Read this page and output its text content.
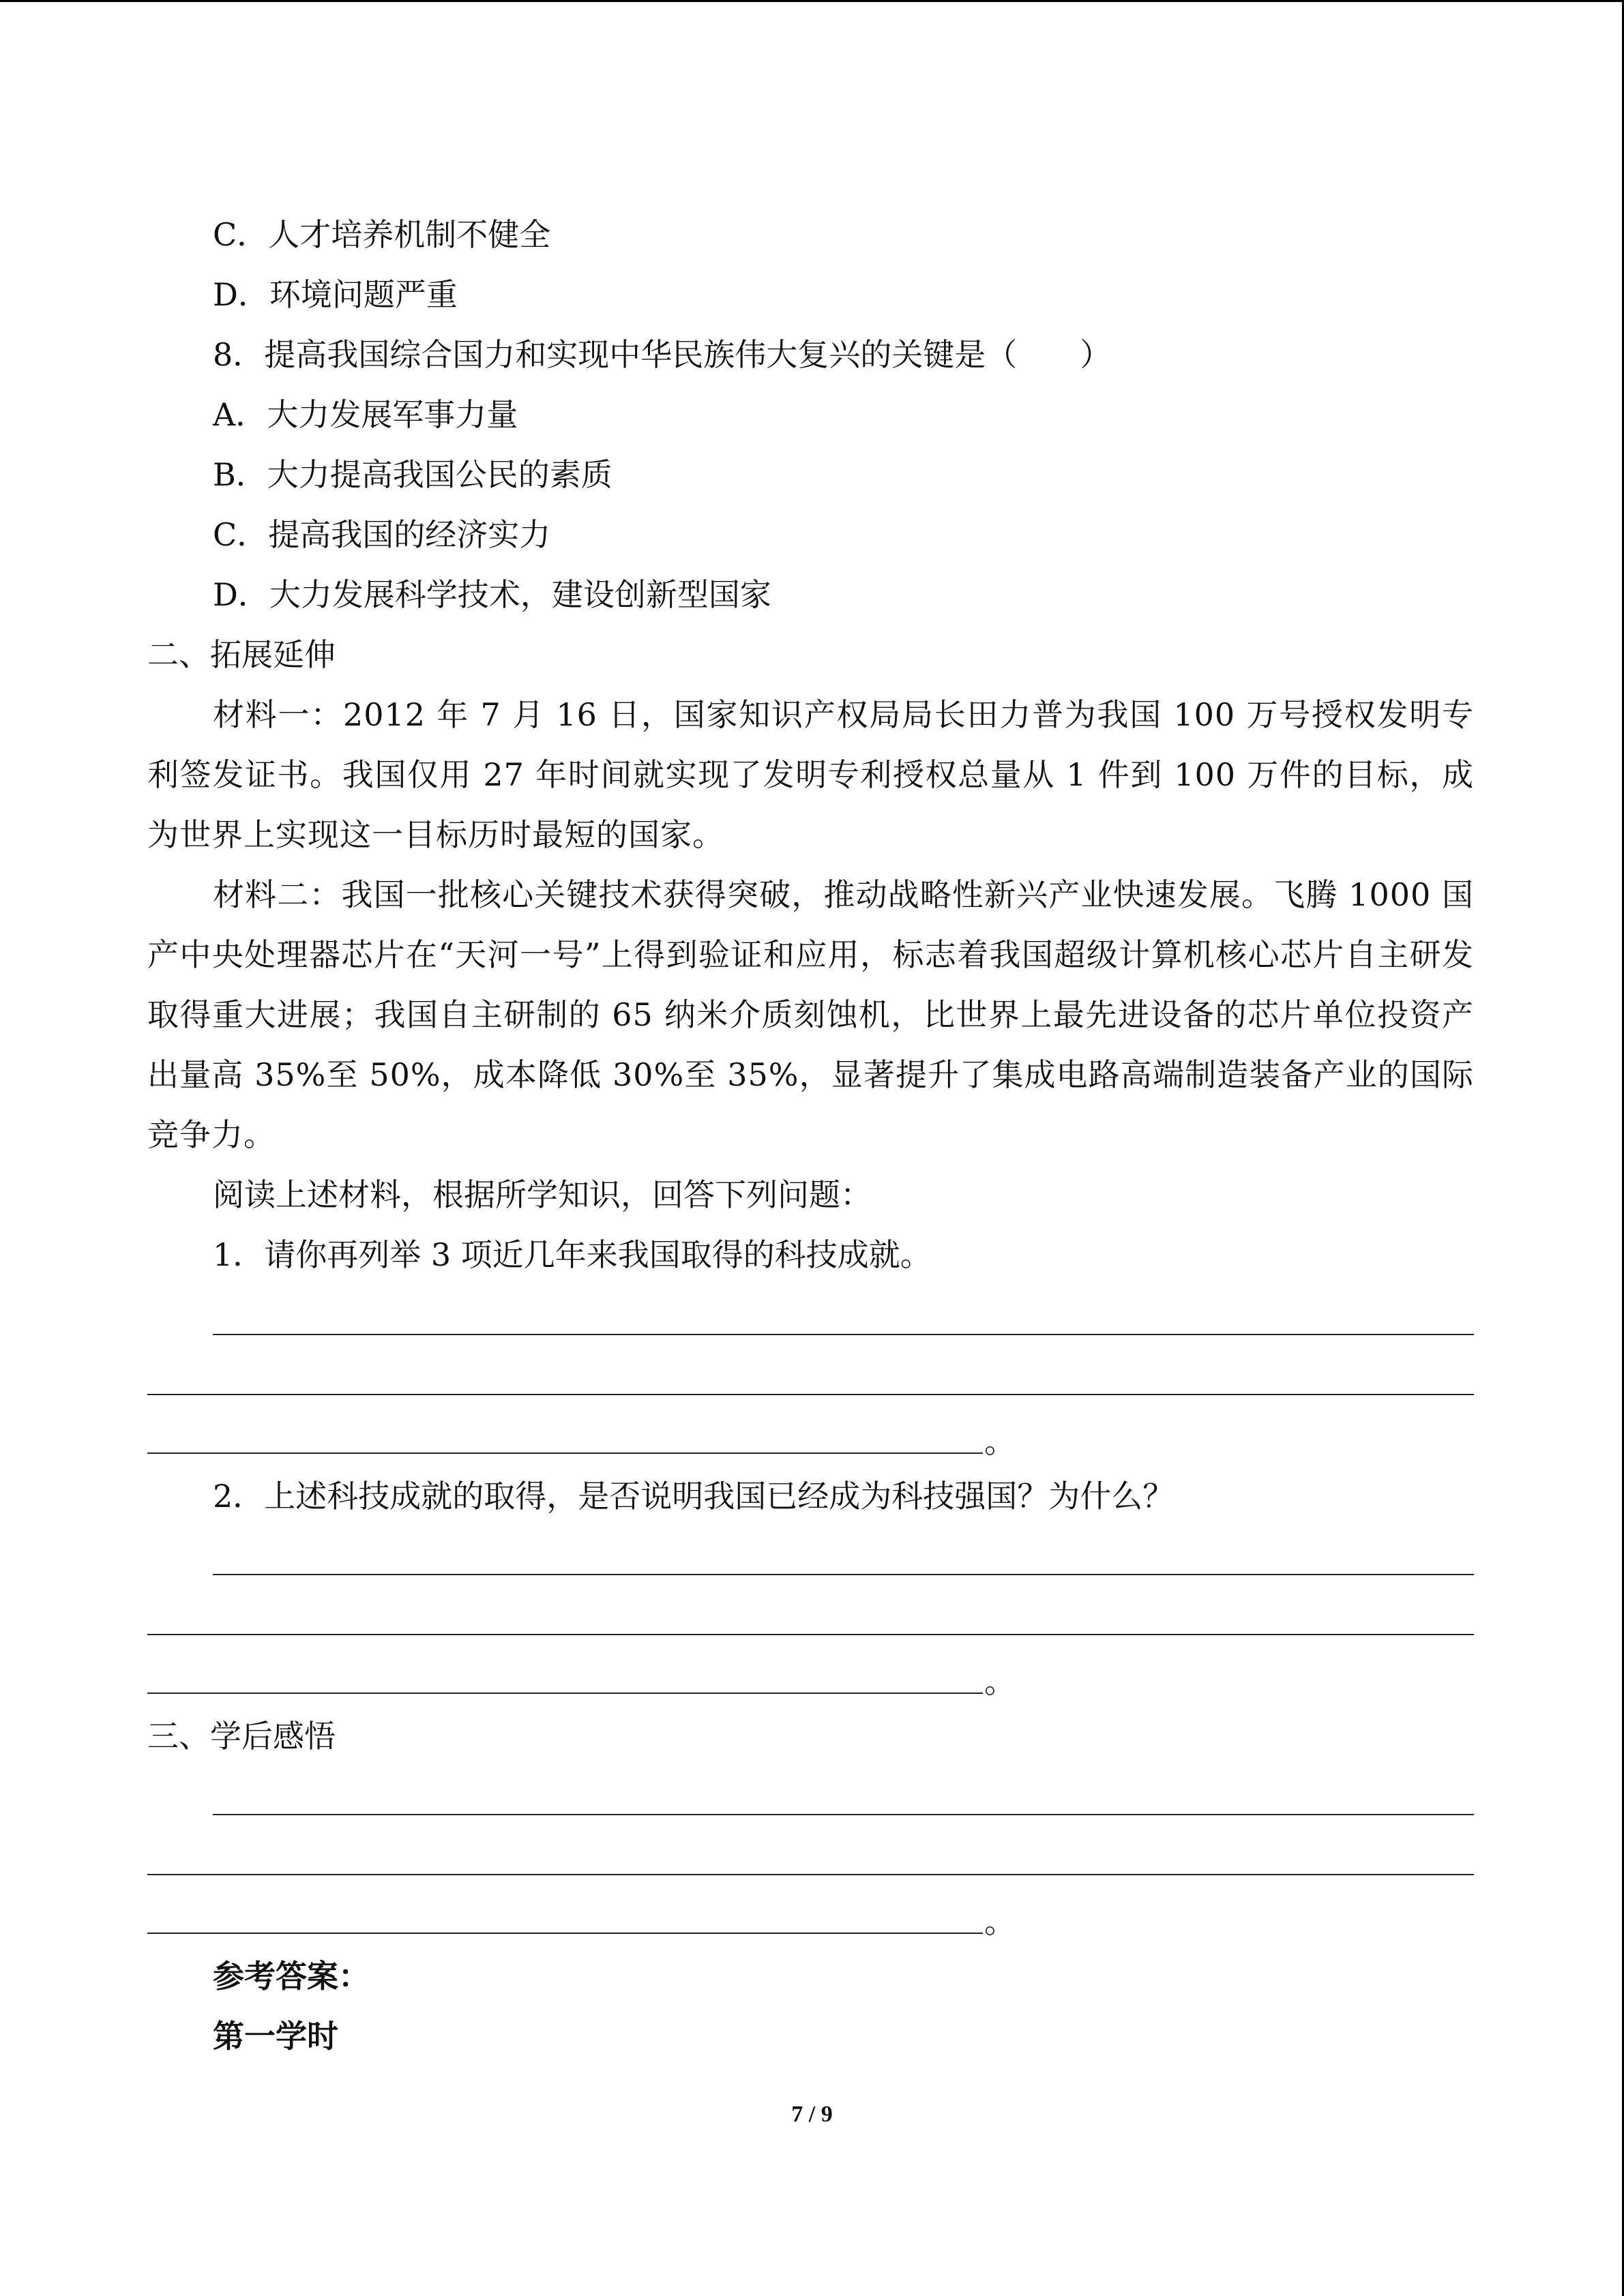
C．人才培养机制不健全
D．环境问题严重
8．提高我国综合国力和实现中华民族伟大复兴的关键是（　　）
A．大力发展军事力量
B．大力提高我国公民的素质
C．提高我国的经济实力
D．大力发展科学技术，建设创新型国家
二、拓展延伸
材料一：2012 年 7 月 16 日，国家知识产权局局长田力普为我国 100 万号授权发明专利签发证书。我国仅用 27 年时间就实现了发明专利授权总量从 1 件到 100 万件的目标，成为世界上实现这一目标历时最短的国家。
材料二：我国一批核心关键技术获得突破，推动战略性新兴产业快速发展。飞腾 1000 国产中央处理器芯片在“天河一号”上得到验证和应用，标志着我国超级计算机核心芯片自主研发取得重大进展；我国自主研制的 65 纳米介质刻蚀机，比世界上最先进设备的芯片单位投资产出量高 35%至 50%，成本降低 30%至 35%，显著提升了集成电路高端制造装备产业的国际竞争力。
阅读上述材料，根据所学知识，回答下列问题：
1．请你再列举 3 项近几年来我国取得的科技成就。
。
2．上述科技成就的取得，是否说明我国已经成为科技强国？为什么？
。
三、学后感悟
。
参考答案：
第一学时
7 / 9
